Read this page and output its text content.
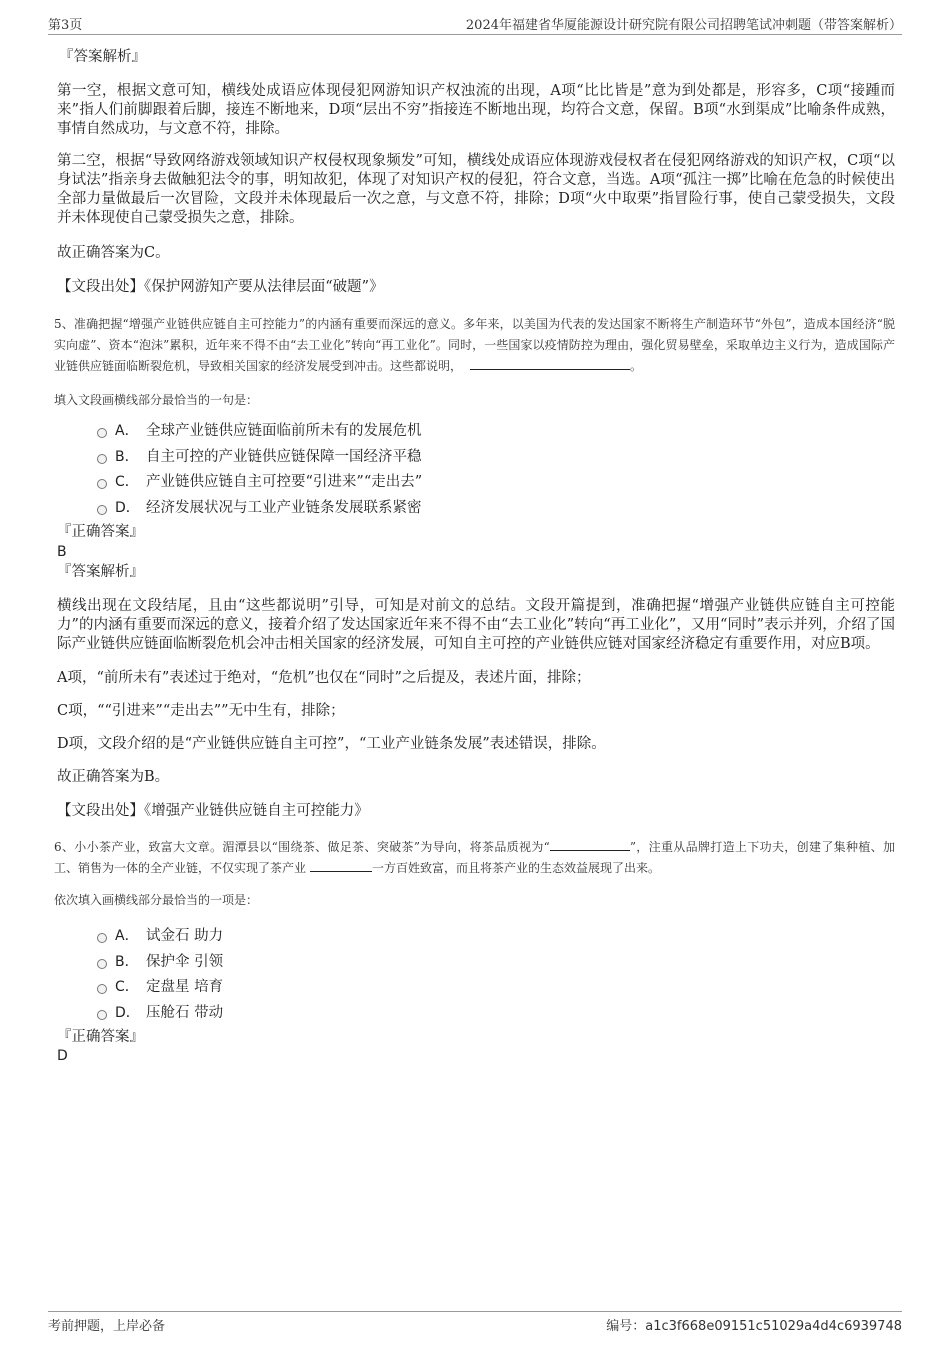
第3页	2024年福建省华厦能源设计研究院有限公司招聘笔试冲刺题（带答案解析）
『答案解析』

第一空，根据文意可知，横线处成语应体现侵犯网游知识产权浊流的出现，A项“比比皆是”意为到处都是，形容多，C项“接踵而来”指人们前脚跟着后脚，接连不断地来，D项“层出不穷”指接连不断地出现，均符合文意，保留。B项“水到渠成”比喻条件成熟，事情自然成功，与文意不符，排除。

第二空，根据“导致网络游戏领域知识产权侵权现象频发”可知，横线处成语应体现游戏侵权者在侵犯网络游戏的知识产权，C项“以身试法”指亲身去做触犯法令的事，明知故犯，体现了对知识产权的侵犯，符合文意，当选。A项“孤注一掷”比喻在危急的时候使出全部力量做最后一次冒险，文段并未体现最后一次之意，与文意不符，排除；D项“火中取栗”指冒险行事，使自己蒙受损失，文段并未体现使自己蒙受损失之意，排除。

故正确答案为C。

【文段出处】《保护网游知产要从法律层面“破题”》

5、准确把握“增强产业链供应链自主可控能力”的内涵有重要而深远的意义。多年来，以美国为代表的发达国家不断将生产制造环节“外包”，造成本国经济“脱实向虚”、资本“泡沫”累积，近年来不得不由“去工业化”转向“再工业化”。同时，一些国家以疫情防控为理由，强化贸易壁垒，采取单边主义行为，造成国际产业链供应链面临断裂危机，导致相关国家的经济发展受到冲击。这些都说明，	。

填入文段画横线部分最恰当的一句是：

A． 全球产业链供应链面临前所未有的发展危机
B． 自主可控的产业链供应链保障一国经济平稳
C． 产业链供应链自主可控要“引进来”“走出去”
D． 经济发展状况与工业产业链条发展联系紧密
『正确答案』
B
『答案解析』

横线出现在文段结尾，且由“这些都说明”引导，可知是对前文的总结。文段开篇提到，准确把握“增强产业链供应链自主可控能力”的内涵有重要而深远的意义，接着介绍了发达国家近年来不得不由“去工业化”转向“再工业化”，又用“同时”表示并列，介绍了国际产业链供应链面临断裂危机会冲击相关国家的经济发展，可知自主可控的产业链供应链对国家经济稳定有重要作用，对应B项。

A项，“前所未有”表述过于绝对，“危机”也仅在“同时”之后提及，表述片面，排除；

C项，““引进来”“走出去””无中生有，排除；

D项，文段介绍的是“产业链供应链自主可控”，“工业产业链条发展”表述错误，排除。

故正确答案为B。

【文段出处】《增强产业链供应链自主可控能力》

6、小小茶产业，致富大文章。湄潭县以“围绕茶、做足茶、突破茶”为导向，将茶品质视为“	”，注重从品牌打造上下功夫，创建了集种植、加工、销售为一体的全产业链，不仅实现了茶产业	一方百姓致富，而且将茶产业的生态效益展现了出来。

依次填入画横线部分最恰当的一项是：

A． 试金石 助力
B． 保护伞 引领
C． 定盘星 培育
D． 压舱石 带动
『正确答案』
D
考前押题，上岸必备	编号：a1c3f668e09151c51029a4d4c6939748
